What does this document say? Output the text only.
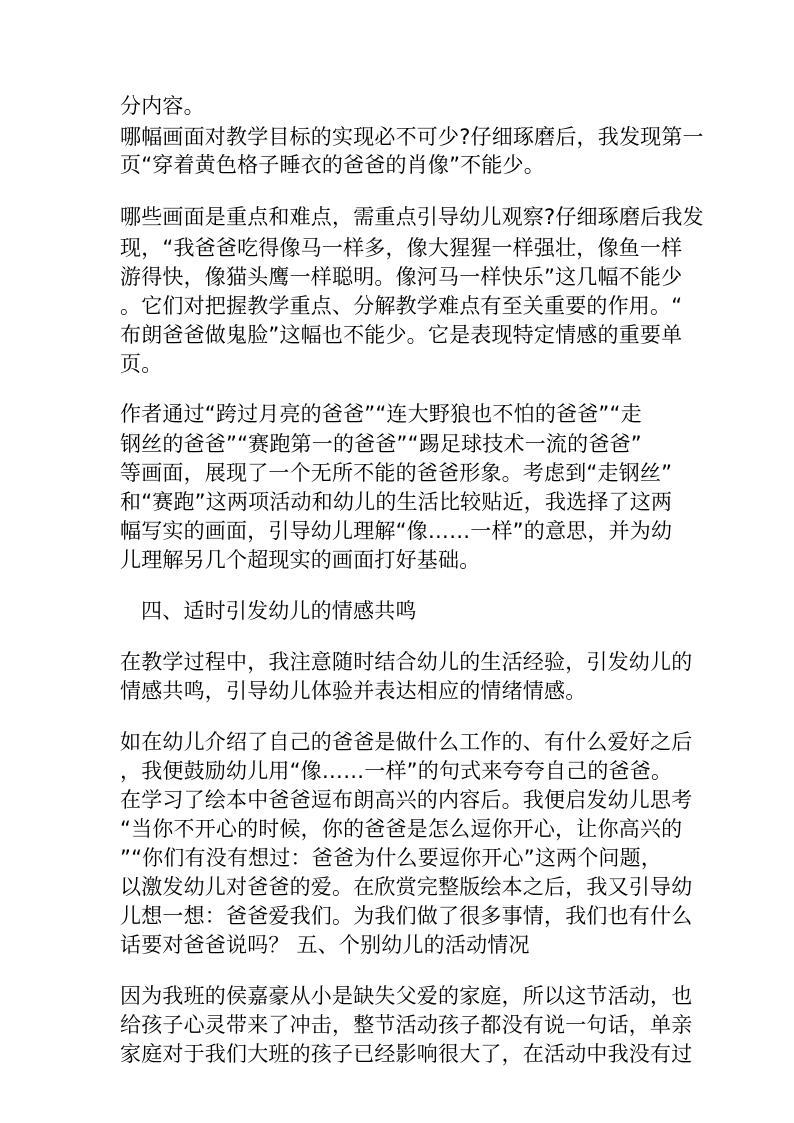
分内容。
哪幅画面对教学目标的实现必不可少?仔细琢磨后，我发现第一
页“穿着黄色格子睡衣的爸爸的肖像”不能少。
哪些画面是重点和难点，需重点引导幼儿观察?仔细琢磨后我发
现，“我爸爸吃得像马一样多，像大猩猩一样强壮，像鱼一样
游得快，像猫头鹰一样聪明。像河马一样快乐”这几幅不能少
。它们对把握教学重点、分解教学难点有至关重要的作用。“
布朗爸爸做鬼脸”这幅也不能少。它是表现特定情感的重要单
页。
作者通过“跨过月亮的爸爸”“连大野狼也不怕的爸爸”“走
钢丝的爸爸”“赛跑第一的爸爸”“踢足球技术一流的爸爸”
等画面，展现了一个无所不能的爸爸形象。考虑到“走钢丝”
和“赛跑”这两项活动和幼儿的生活比较贴近，我选择了这两
幅写实的画面，引导幼儿理解“像……一样”的意思，并为幼
儿理解另几个超现实的画面打好基础。
四、适时引发幼儿的情感共鸣
在教学过程中，我注意随时结合幼儿的生活经验，引发幼儿的
情感共鸣，引导幼儿体验并表达相应的情绪情感。
如在幼儿介绍了自己的爸爸是做什么工作的、有什么爱好之后
，我便鼓励幼儿用“像……一样”的句式来夸夸自己的爸爸。
在学习了绘本中爸爸逗布朗高兴的内容后。我便启发幼儿思考
“当你不开心的时候，你的爸爸是怎么逗你开心，让你高兴的
”“你们有没有想过：爸爸为什么要逗你开心”这两个问题，
以激发幼儿对爸爸的爱。在欣赏完整版绘本之后，我又引导幼
儿想一想：爸爸爱我们。为我们做了很多事情，我们也有什么
话要对爸爸说吗？ 五、个别幼儿的活动情况
因为我班的侯嘉豪从小是缺失父爱的家庭，所以这节活动，也
给孩子心灵带来了冲击，整节活动孩子都没有说一句话，单亲
家庭对于我们大班的孩子已经影响很大了，在活动中我没有过
